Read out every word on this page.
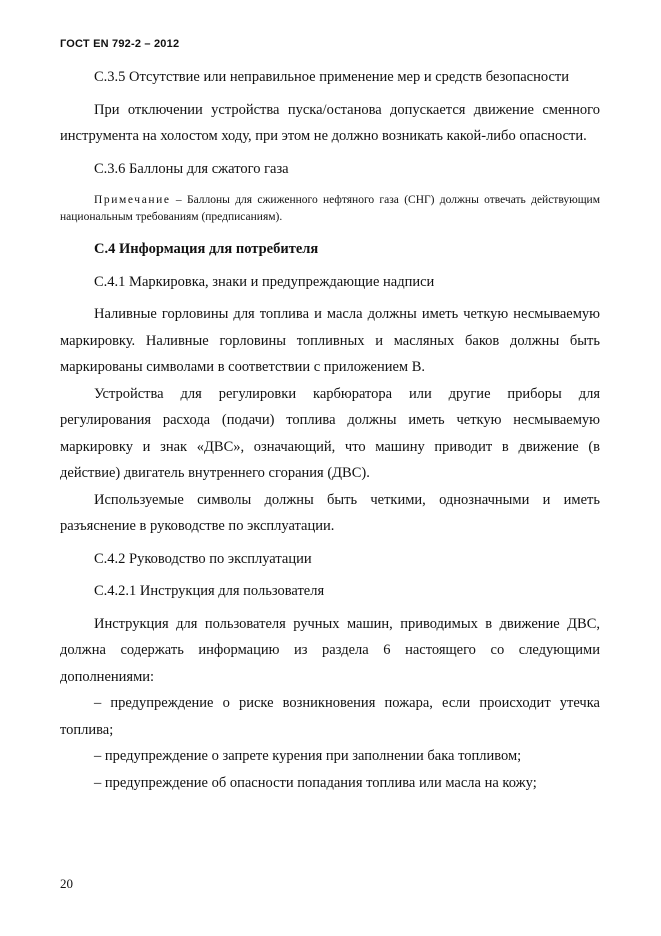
ГОСТ EN 792-2 – 2012

С.3.5 Отсутствие или неправильное применение мер и средств безопасности

При отключении устройства пуска/останова допускается движение сменного инструмента на холостом ходу, при этом не должно возникать какой-либо опасности.

С.3.6 Баллоны для сжатого газа

Примечание – Баллоны для сжиженного нефтяного газа (СНГ) должны отвечать действующим национальным требованиям (предписаниям).

С.4 Информация для потребителя

С.4.1 Маркировка, знаки и предупреждающие надписи

Наливные горловины для топлива и масла должны иметь четкую несмываемую маркировку. Наливные горловины топливных и масляных баков должны быть маркированы символами в соответствии с приложением В.

Устройства для регулировки карбюратора или другие приборы для регулирования расхода (подачи) топлива должны иметь четкую несмываемую маркировку и знак «ДВС», означающий, что машину приводит в движение (в действие) двигатель внутреннего сгорания (ДВС).

Используемые символы должны быть четкими, однозначными и иметь разъяснение в руководстве по эксплуатации.

С.4.2 Руководство по эксплуатации

С.4.2.1 Инструкция для пользователя

Инструкция для пользователя ручных машин, приводимых в движение ДВС, должна содержать информацию из раздела 6 настоящего со следующими дополнениями:

– предупреждение о риске возникновения пожара, если происходит утечка топлива;

– предупреждение о запрете курения при заполнении бака топливом;

– предупреждение об опасности попадания топлива или масла на кожу;

20
